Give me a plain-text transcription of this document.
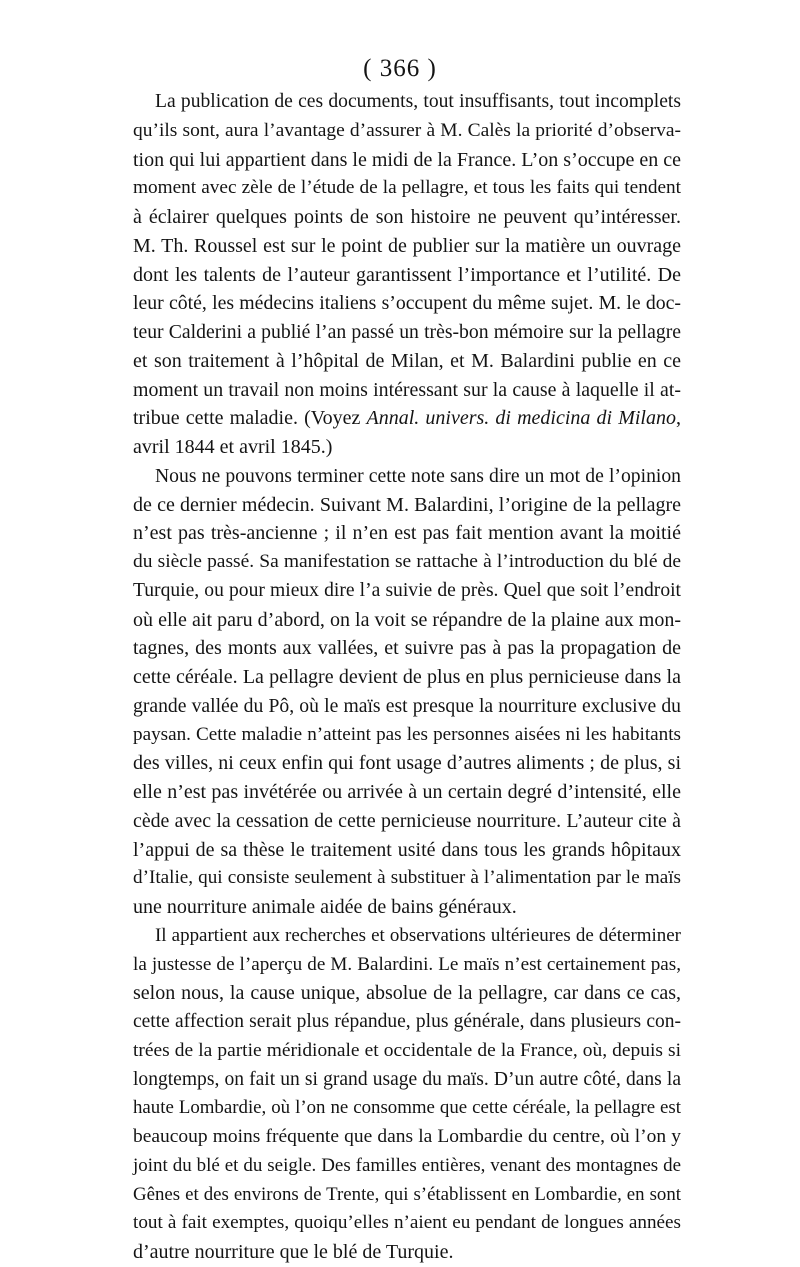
( 366 )
La publication de ces documents, tout insuffisants, tout incomplets
qu’ils sont, aura l’avantage d’assurer à M. Calès la priorité d’observa-
tion qui lui appartient dans le midi de la France. L’on s’occupe en ce
moment avec zèle de l’étude de la pellagre, et tous les faits qui tendent
à éclairer quelques points de son histoire ne peuvent qu’intéresser.
M. Th. Roussel est sur le point de publier sur la matière un ouvrage
dont les talents de l’auteur garantissent l’importance et l’utilité. De
leur côté, les médecins italiens s’occupent du même sujet. M. le doc-
teur Calderini a publié l’an passé un très-bon mémoire sur la pellagre
et son traitement à l’hôpital de Milan, et M. Balardini publie en ce
moment un travail non moins intéressant sur la cause à laquelle il at-
tribue cette maladie. (Voyez Annal. univers. di medicina di Milano,
avril 1844 et avril 1845.)
Nous ne pouvons terminer cette note sans dire un mot de l’opinion
de ce dernier médecin. Suivant M. Balardini, l’origine de la pellagre
n’est pas très-ancienne ; il n’en est pas fait mention avant la moitié
du siècle passé. Sa manifestation se rattache à l’introduction du blé de
Turquie, ou pour mieux dire l’a suivie de près. Quel que soit l’endroit
où elle ait paru d’abord, on la voit se répandre de la plaine aux mon-
tagnes, des monts aux vallées, et suivre pas à pas la propagation de
cette céréale. La pellagre devient de plus en plus pernicieuse dans la
grande vallée du Pô, où le maïs est presque la nourriture exclusive du
paysan. Cette maladie n’atteint pas les personnes aisées ni les habitants
des villes, ni ceux enfin qui font usage d’autres aliments ; de plus, si
elle n’est pas invétérée ou arrivée à un certain degré d’intensité, elle
cède avec la cessation de cette pernicieuse nourriture. L’auteur cite à
l’appui de sa thèse le traitement usité dans tous les grands hôpitaux
d’Italie, qui consiste seulement à substituer à l’alimentation par le maïs
une nourriture animale aidée de bains généraux.
Il appartient aux recherches et observations ultérieures de déterminer
la justesse de l’aperçu de M. Balardini. Le maïs n’est certainement pas,
selon nous, la cause unique, absolue de la pellagre, car dans ce cas,
cette affection serait plus répandue, plus générale, dans plusieurs con-
trées de la partie méridionale et occidentale de la France, où, depuis si
longtemps, on fait un si grand usage du maïs. D’un autre côté, dans la
haute Lombardie, où l’on ne consomme que cette céréale, la pellagre est
beaucoup moins fréquente que dans la Lombardie du centre, où l’on y
joint du blé et du seigle. Des familles entières, venant des montagnes de
Gênes et des environs de Trente, qui s’établissent en Lombardie, en sont
tout à fait exemptes, quoiqu’elles n’aient eu pendant de longues années
d’autre nourriture que le blé de Turquie.
